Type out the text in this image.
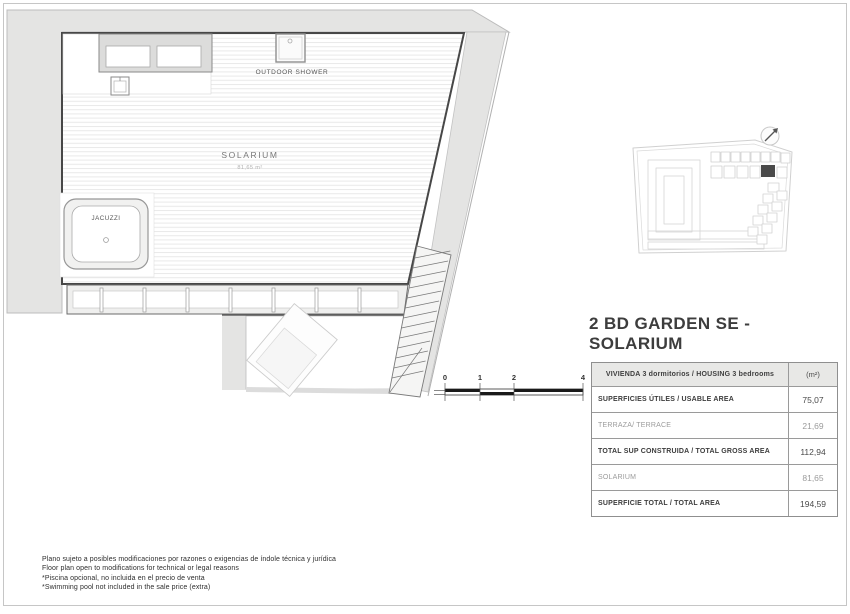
OUTDOOR SHOWER
SOLARIUM
81,65 m²
JACUZZI
0	1	2	4
2 BD GARDEN SE - SOLARIUM
VIVIENDA 3 dormitorios / HOUSING 3 bedrooms	(m²)
SUPERFICIES ÚTILES / USABLE AREA	75,07
TERRAZA/ TERRACE	21,69
TOTAL SUP CONSTRUIDA / TOTAL GROSS AREA	112,94
SOLARIUM	81,65
SUPERFICIE TOTAL / TOTAL AREA	194,59
Plano sujeto a posibles modificaciones por razones o exigencias de índole técnica y jurídica
Floor plan open to modifications for technical or legal reasons
*Piscina opcional, no incluida en el precio de venta
*Swimming pool not included in the sale price (extra)
